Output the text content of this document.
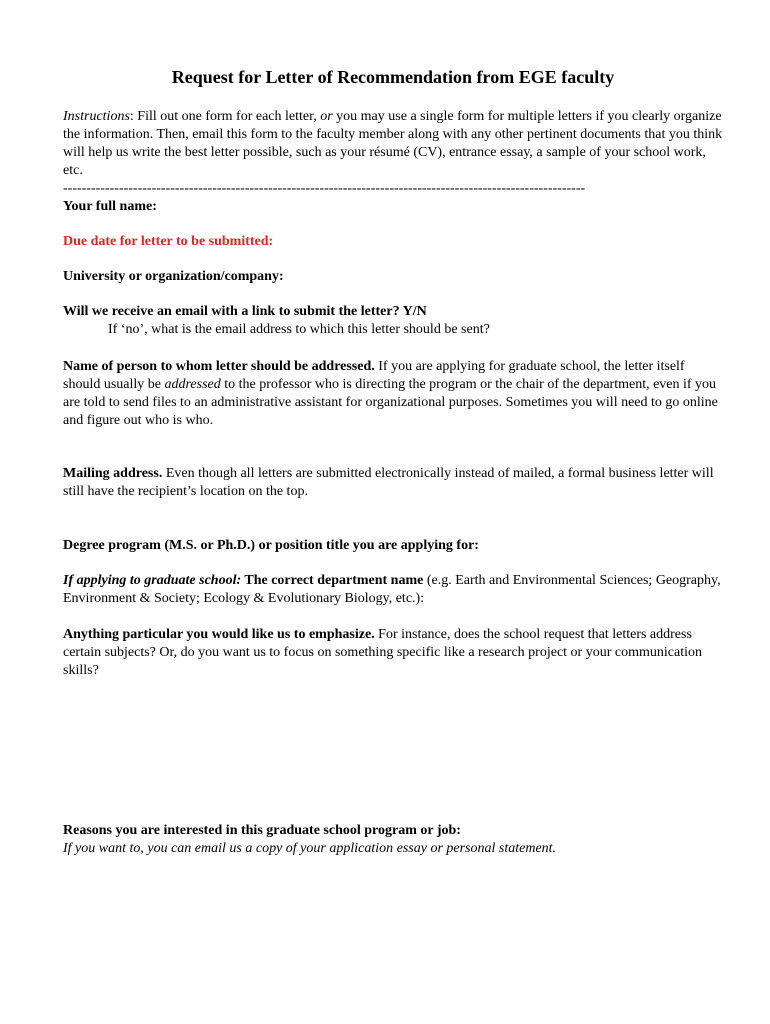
Request for Letter of Recommendation from EGE faculty

Instructions: Fill out one form for each letter, or you may use a single form for multiple letters if you clearly organize the information. Then, email this form to the faculty member along with any other pertinent documents that you think will help us write the best letter possible, such as your résumé (CV), entrance essay, a sample of your school work, etc.

----------------------------------------------------------------------------------------------------------------

Your full name:

Due date for letter to be submitted:

University or organization/company:

Will we receive an email with a link to submit the letter? Y/N

If ‘no’, what is the email address to which this letter should be sent?

Name of person to whom letter should be addressed. If you are applying for graduate school, the letter itself should usually be addressed to the professor who is directing the program or the chair of the department, even if you are told to send files to an administrative assistant for organizational purposes. Sometimes you will need to go online and figure out who is who.

Mailing address. Even though all letters are submitted electronically instead of mailed, a formal business letter will still have the recipient’s location on the top.

Degree program (M.S. or Ph.D.) or position title you are applying for:

If applying to graduate school: The correct department name (e.g. Earth and Environmental Sciences; Geography, Environment & Society; Ecology & Evolutionary Biology, etc.):

Anything particular you would like us to emphasize. For instance, does the school request that letters address certain subjects? Or, do you want us to focus on something specific like a research project or your communication skills?

Reasons you are interested in this graduate school program or job:

If you want to, you can email us a copy of your application essay or personal statement.
